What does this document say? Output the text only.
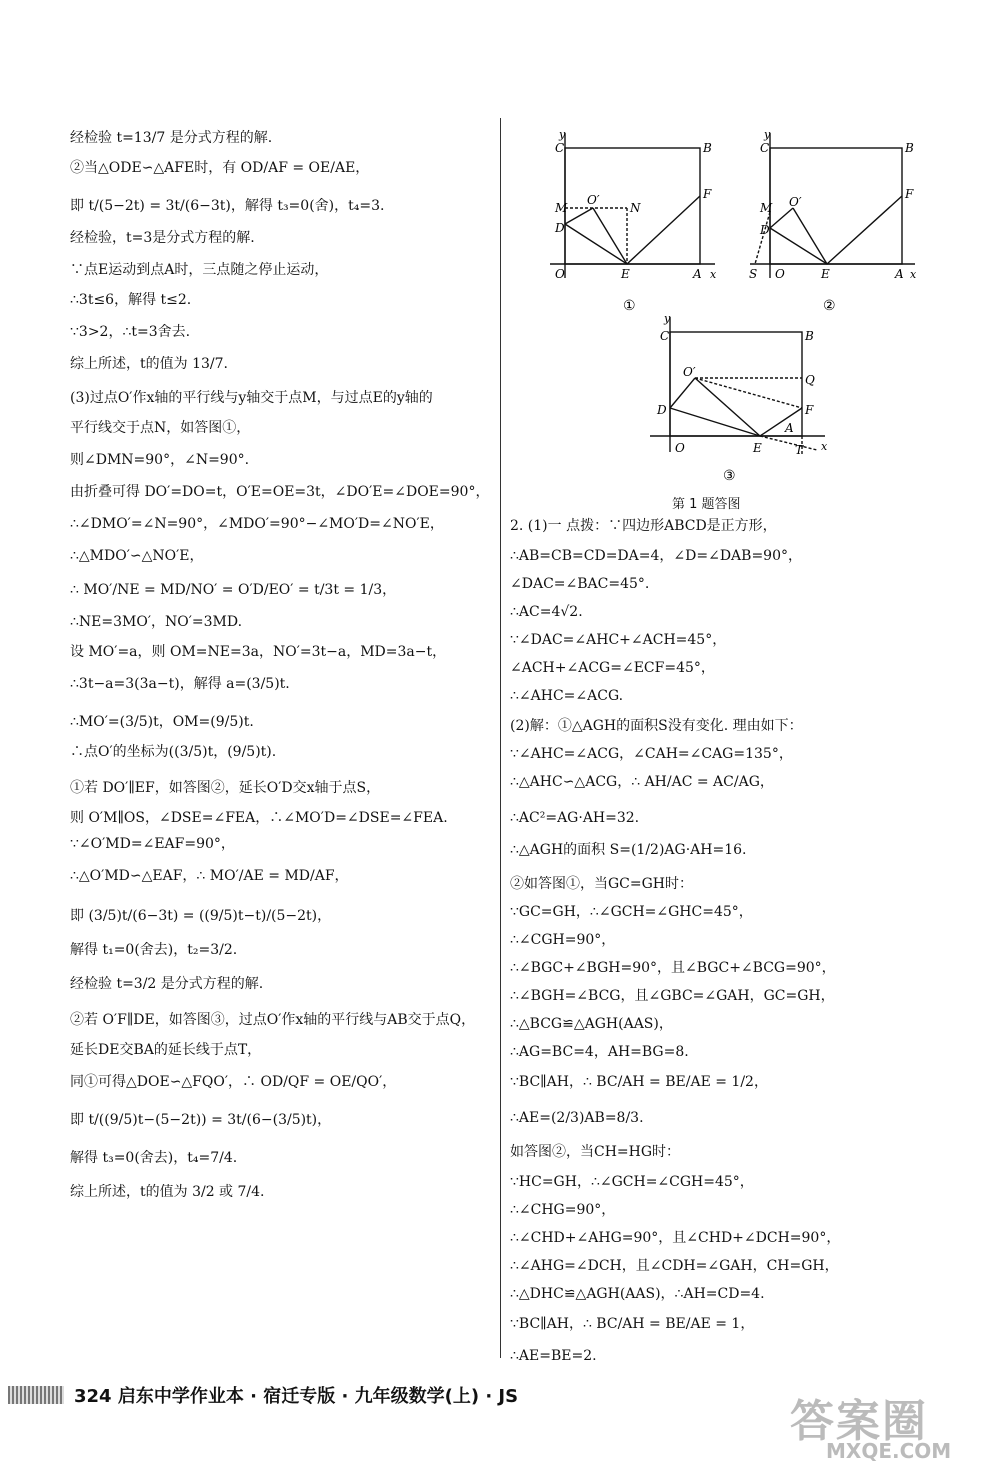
经检验 t=13/7 是分式方程的解.
②当△ODE∽△AFE时，有 OD/AF = OE/AE，
即 t/(5−2t) = 3t/(6−3t)，解得 t₃=0(舍)，t₄=3.
经检验，t=3是分式方程的解.
∵点E运动到点A时，三点随之停止运动，
∴3t≤6，解得 t≤2.
∵3>2，∴t=3舍去.
综上所述，t的值为 13/7.
(3)过点O′作x轴的平行线与y轴交于点M，与过点E的y轴的
平行线交于点N，如答图①，
则∠DMN=90°，∠N=90°.
由折叠可得 DO′=DO=t，O′E=OE=3t，∠DO′E=∠DOE=90°，
∴∠DMO′=∠N=90°，∠MDO′=90°−∠MO′D=∠NO′E，
∴△MDO′∽△NO′E，
∴ MO′/NE = MD/NO′ = O′D/EO′ = t/3t = 1/3，
∴NE=3MO′，NO′=3MD.
设 MO′=a，则 OM=NE=3a，NO′=3t−a，MD=3a−t，
∴3t−a=3(3a−t)，解得 a=(3/5)t.
∴MO′=(3/5)t，OM=(9/5)t.
∴点O′的坐标为((3/5)t，(9/5)t).
①若 DO′∥EF，如答图②，延长O′D交x轴于点S，
则 O′M∥OS，∠DSE=∠FEA，∴∠MO′D=∠DSE=∠FEA.
∵∠O′MD=∠EAF=90°，
∴△O′MD∽△EAF，∴ MO′/AE = MD/AF，
即 (3/5)t/(6−3t) = ((9/5)t−t)/(5−2t)，
解得 t₁=0(舍去)，t₂=3/2.
经检验 t=3/2 是分式方程的解.
②若 O′F∥DE，如答图③，过点O′作x轴的平行线与AB交于点Q，
延长DE交BA的延长线于点T，
同①可得△DOE∽△FQO′，∴ OD/QF = OE/QO′，
即 t/((9/5)t−(5−2t)) = 3t/(6−(3/5)t)，
解得 t₃=0(舍去)，t₄=7/4.
综上所述，t的值为 3/2 或 7/4.
2. (1)一 点拨：∵四边形ABCD是正方形，
∴AB=CB=CD=DA=4，∠D=∠DAB=90°，
∠DAC=∠BAC=45°.
∴AC=4√2.
∵∠DAC=∠AHC+∠ACH=45°，
∠ACH+∠ACG=∠ECF=45°，
∴∠AHC=∠ACG.
(2)解：①△AGH的面积S没有变化. 理由如下：
∵∠AHC=∠ACG，∠CAH=∠CAG=135°，
∴△AHC∽△ACG，∴ AH/AC = AC/AG，
∴AC²=AG·AH=32.
∴△AGH的面积 S=(1/2)AG·AH=16.
②如答图①，当GC=GH时：
∵GC=GH，∴∠GCH=∠GHC=45°，
∴∠CGH=90°，
∴∠BGC+∠BGH=90°，且∠BGC+∠BCG=90°，
∴∠BGH=∠BCG，且∠GBC=∠GAH，GC=GH，
∴△BCG≌△AGH(AAS)，
∴AG=BC=4，AH=BG=8.
∵BC∥AH，∴ BC/AH = BE/AE = 1/2，
∴AE=(2/3)AB=8/3.
如答图②，当CH=HG时：
∵HC=GH，∴∠GCH=∠CGH=45°，
∴∠CHG=90°，
∴∠CHD+∠AHG=90°，且∠CHD+∠DCH=90°，
∴∠AHG=∠DCH，且∠CDH=∠GAH，CH=GH，
∴△DHC≌△AGH(AAS)，∴AH=CD=4.
∵BC∥AH，∴ BC/AH = BE/AE = 1，
∴AE=BE=2.
y
C	B
M
O′
N
D
F
O	E	A x
①
y
C	B
M O′
D
F
S O	E	A x
②
y
C	B
O′
Q
D	F
A
O	E	T x
③
第 1 题答图
324 启东中学作业本 · 宿迁专版 · 九年级数学(上) · JS	答案圈
MXQE.COM
